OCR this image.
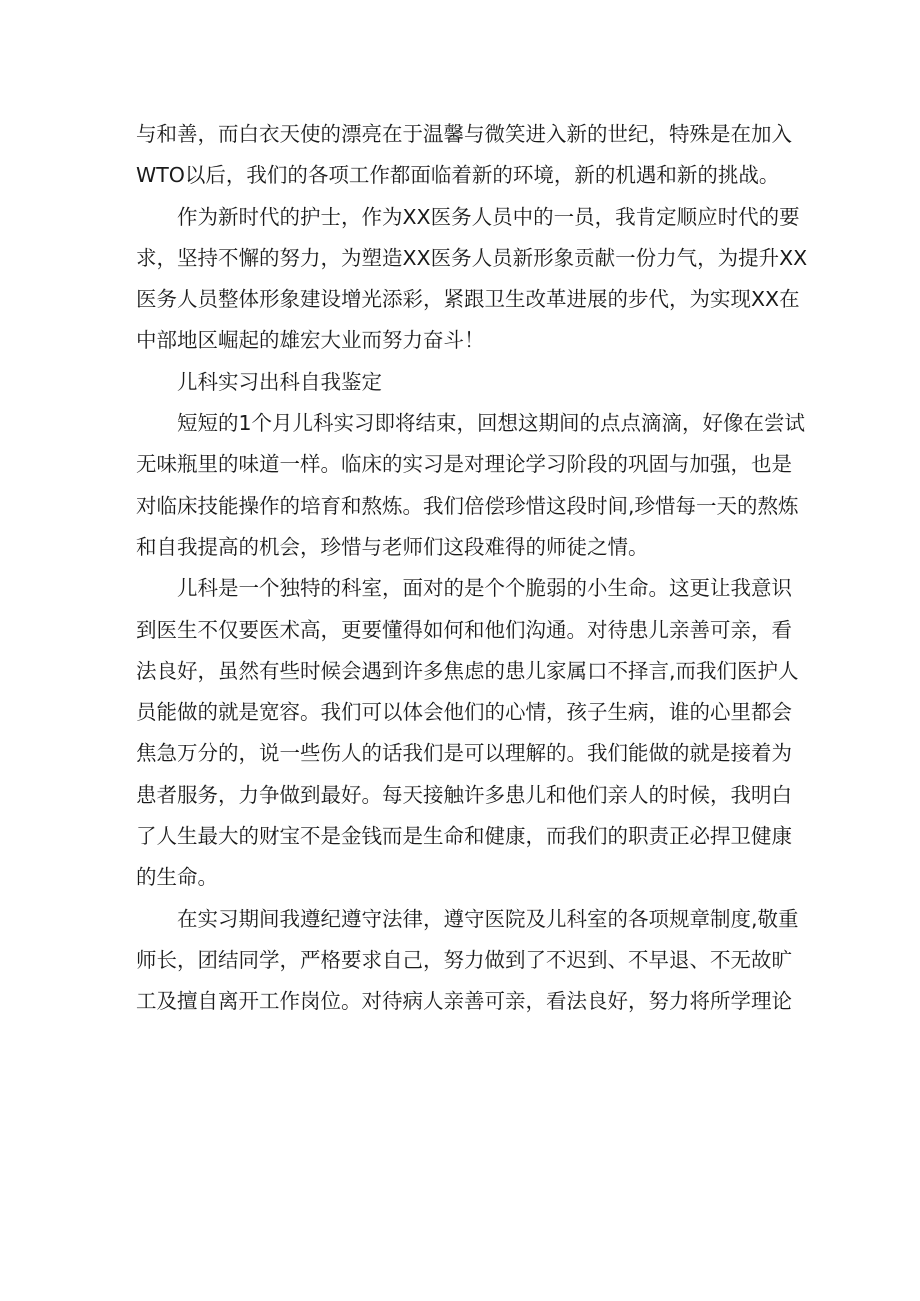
与和善，而白衣天使的漂亮在于温馨与微笑进入新的世纪，特殊是在加入
WTO以后，我们的各项工作都面临着新的环境，新的机遇和新的挑战。
作为新时代的护士，作为XX医务人员中的一员，我肯定顺应时代的要
求，坚持不懈的努力，为塑造XX医务人员新形象贡献一份力气，为提升XX
医务人员整体形象建设增光添彩，紧跟卫生改革进展的步代，为实现XX在
中部地区崛起的雄宏大业而努力奋斗！
儿科实习出科自我鉴定
短短的1个月儿科实习即将结束，回想这期间的点点滴滴，好像在尝试
无味瓶里的味道一样。临床的实习是对理论学习阶段的巩固与加强，也是
对临床技能操作的培育和熬炼。我们倍偿珍惜这段时间,珍惜每一天的熬炼
和自我提高的机会，珍惜与老师们这段难得的师徒之情。
儿科是一个独特的科室，面对的是个个脆弱的小生命。这更让我意识
到医生不仅要医术高，更要懂得如何和他们沟通。对待患儿亲善可亲，看
法良好，虽然有些时候会遇到许多焦虑的患儿家属口不择言,而我们医护人
员能做的就是宽容。我们可以体会他们的心情，孩子生病，谁的心里都会
焦急万分的，说一些伤人的话我们是可以理解的。我们能做的就是接着为
患者服务，力争做到最好。每天接触许多患儿和他们亲人的时候，我明白
了人生最大的财宝不是金钱而是生命和健康，而我们的职责正必捍卫健康
的生命。
在实习期间我遵纪遵守法律，遵守医院及儿科室的各项规章制度,敬重
师长，团结同学，严格要求自己，努力做到了不迟到、不早退、不无故旷
工及擅自离开工作岗位。对待病人亲善可亲，看法良好，努力将所学理论
